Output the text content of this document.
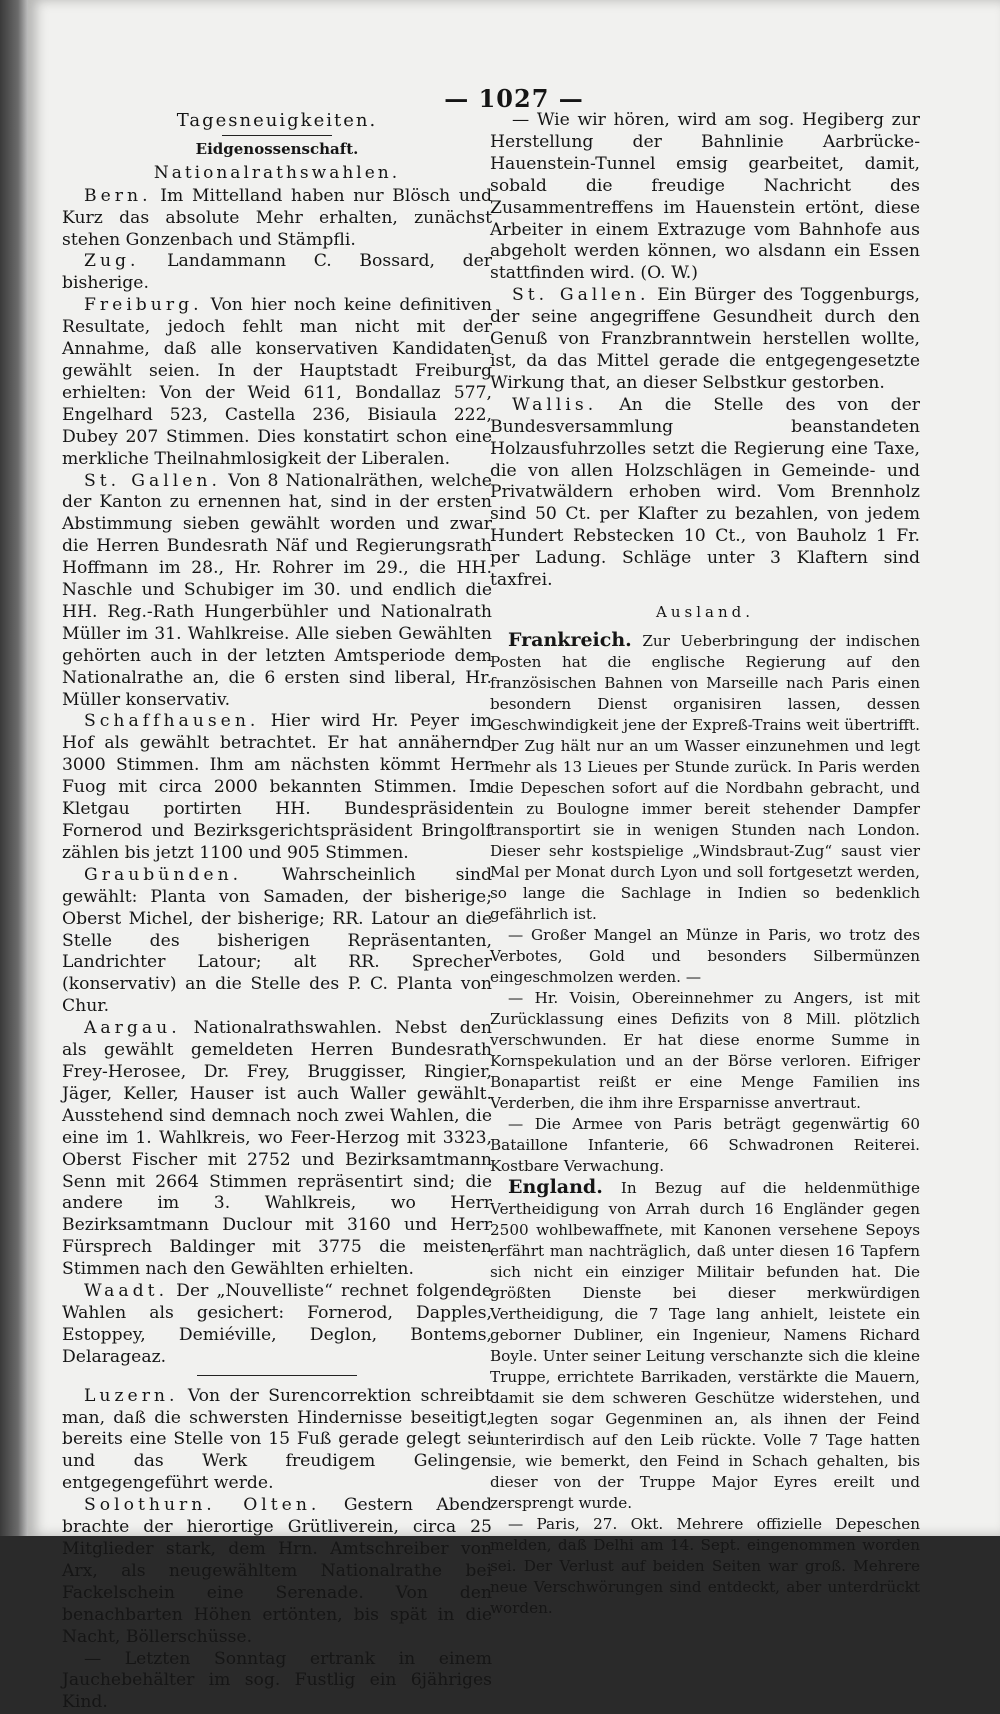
— 1027 —
Tagesneuigkeiten.
Eidgenossenschaft.
Nationalrathswahlen.

Bern. Im Mittelland haben nur Blösch und Kurz das absolute Mehr erhalten, zunächst stehen Gonzenbach und Stämpfli.

Zug. Landammann C. Bossard, der bisherige.

Freiburg. Von hier noch keine definitiven Resultate, jedoch fehlt man nicht mit der Annahme, daß alle konservativen Kandidaten gewählt seien. In der Hauptstadt Freiburg erhielten: Von der Weid 611, Bondallaz 577, Engelhard 523, Castella 236, Bisiaula 222, Dubey 207 Stimmen. Dies konstatirt schon eine merkliche Theilnahmlosigkeit der Liberalen.

St. Gallen. Von 8 Nationalräthen, welche der Kanton zu ernennen hat, sind in der ersten Abstimmung sieben gewählt worden und zwar die Herren Bundesrath Näf und Regierungsrath Hoffmann im 28., Hr. Rohrer im 29., die HH. Naschle und Schubiger im 30. und endlich die HH. Reg.-Rath Hungerbühler und Nationalrath Müller im 31. Wahlkreise. Alle sieben Gewählten gehörten auch in der letzten Amtsperiode dem Nationalrathe an, die 6 ersten sind liberal, Hr. Müller konservativ.

Schaffhausen. Hier wird Hr. Peyer im Hof als gewählt betrachtet. Er hat annähernd 3000 Stimmen. Ihm am nächsten kömmt Herr Fuog mit circa 2000 bekannten Stimmen. Im Kletgau portirten HH. Bundespräsident Fornerod und Bezirksgerichtspräsident Bringolf zählen bis jetzt 1100 und 905 Stimmen.

Graubünden. Wahrscheinlich sind gewählt: Planta von Samaden, der bisherige; Oberst Michel, der bisherige; RR. Latour an die Stelle des bisherigen Repräsentanten, Landrichter Latour; alt RR. Sprecher (konservativ) an die Stelle des P. C. Planta von Chur.

Aargau. Nationalrathswahlen. Nebst den als gewählt gemeldeten Herren Bundesrath Frey-Herosee, Dr. Frey, Bruggisser, Ringier, Jäger, Keller, Hauser ist auch Waller gewählt. Ausstehend sind demnach noch zwei Wahlen, die eine im 1. Wahlkreis, wo Feer-Herzog mit 3323, Oberst Fischer mit 2752 und Bezirksamtmann Senn mit 2664 Stimmen repräsentirt sind; die andere im 3. Wahlkreis, wo Herr Bezirksamtmann Duclour mit 3160 und Herr Fürsprech Baldinger mit 3775 die meisten Stimmen nach den Gewählten erhielten.

Waadt. Der „Nouvelliste“ rechnet folgende Wahlen als gesichert: Fornerod, Dapples, Estoppey, Demiéville, Deglon, Bontems, Delarageaz.

Luzern. Von der Surencorrektion schreibt man, daß die schwersten Hindernisse beseitigt, bereits eine Stelle von 15 Fuß gerade gelegt sei und das Werk freudigem Gelingen entgegengeführt werde.

Solothurn. Olten. Gestern Abend brachte der hierortige Grütliverein, circa 25 Mitglieder stark, dem Hrn. Amtschreiber von Arx, als neugewähltem Nationalrathe bei Fackelschein eine Serenade. Von den benachbarten Höhen ertönten, bis spät in die Nacht, Böllerschüsse.

— Letzten Sonntag ertrank in einem Jauchebehälter im sog. Fustlig ein 6jähriges Kind.

— Wie wir hören, wird am sog. Hegiberg zur Herstellung der Bahnlinie Aarbrücke-Hauenstein-Tunnel emsig gearbeitet, damit, sobald die freudige Nachricht des Zusammentreffens im Hauenstein ertönt, diese Arbeiter in einem Extrazuge vom Bahnhofe aus abgeholt werden können, wo alsdann ein Essen stattfinden wird. (O. W.)

St. Gallen. Ein Bürger des Toggenburgs, der seine angegriffene Gesundheit durch den Genuß von Franzbranntwein herstellen wollte, ist, da das Mittel gerade die entgegengesetzte Wirkung that, an dieser Selbstkur gestorben.

Wallis. An die Stelle des von der Bundesversammlung beanstandeten Holzausfuhrzolles setzt die Regierung eine Taxe, die von allen Holzschlägen in Gemeinde- und Privatwäldern erhoben wird. Vom Brennholz sind 50 Ct. per Klafter zu bezahlen, von jedem Hundert Rebstecken 10 Ct., von Bauholz 1 Fr. per Ladung. Schläge unter 3 Klaftern sind taxfrei.

Ausland.

Frankreich. Zur Ueberbringung der indischen Posten hat die englische Regierung auf den französischen Bahnen von Marseille nach Paris einen besondern Dienst organisiren lassen, dessen Geschwindigkeit jene der Expreß-Trains weit übertrifft. Der Zug hält nur an um Wasser einzunehmen und legt mehr als 13 Lieues per Stunde zurück. In Paris werden die Depeschen sofort auf die Nordbahn gebracht, und ein zu Boulogne immer bereit stehender Dampfer transportirt sie in wenigen Stunden nach London. Dieser sehr kostspielige „Windsbraut-Zug“ saust vier Mal per Monat durch Lyon und soll fortgesetzt werden, so lange die Sachlage in Indien so bedenklich gefährlich ist.

— Großer Mangel an Münze in Paris, wo trotz des Verbotes, Gold und besonders Silbermünzen eingeschmolzen werden. —

— Hr. Voisin, Obereinnehmer zu Angers, ist mit Zurücklassung eines Defizits von 8 Mill. plötzlich verschwunden. Er hat diese enorme Summe in Kornspekulation und an der Börse verloren. Eifriger Bonapartist reißt er eine Menge Familien ins Verderben, die ihm ihre Ersparnisse anvertraut.

— Die Armee von Paris beträgt gegenwärtig 60 Bataillone Infanterie, 66 Schwadronen Reiterei. Kostbare Verwachung.

England. In Bezug auf die heldenmüthige Vertheidigung von Arrah durch 16 Engländer gegen 2500 wohlbewaffnete, mit Kanonen versehene Sepoys erfährt man nachträglich, daß unter diesen 16 Tapfern sich nicht ein einziger Militair befunden hat. Die größten Dienste bei dieser merkwürdigen Vertheidigung, die 7 Tage lang anhielt, leistete ein geborner Dubliner, ein Ingenieur, Namens Richard Boyle. Unter seiner Leitung verschanzte sich die kleine Truppe, errichtete Barrikaden, verstärkte die Mauern, damit sie dem schweren Geschütze widerstehen, und legten sogar Gegenminen an, als ihnen der Feind unterirdisch auf den Leib rückte. Volle 7 Tage hatten sie, wie bemerkt, den Feind in Schach gehalten, bis dieser von der Truppe Major Eyres ereilt und zersprengt wurde.

— Paris, 27. Okt. Mehrere offizielle Depeschen melden, daß Delhi am 14. Sept. eingenommen worden sei. Der Verlust auf beiden Seiten war groß. Mehrere neue Verschwörungen sind entdeckt, aber unterdrückt worden.
